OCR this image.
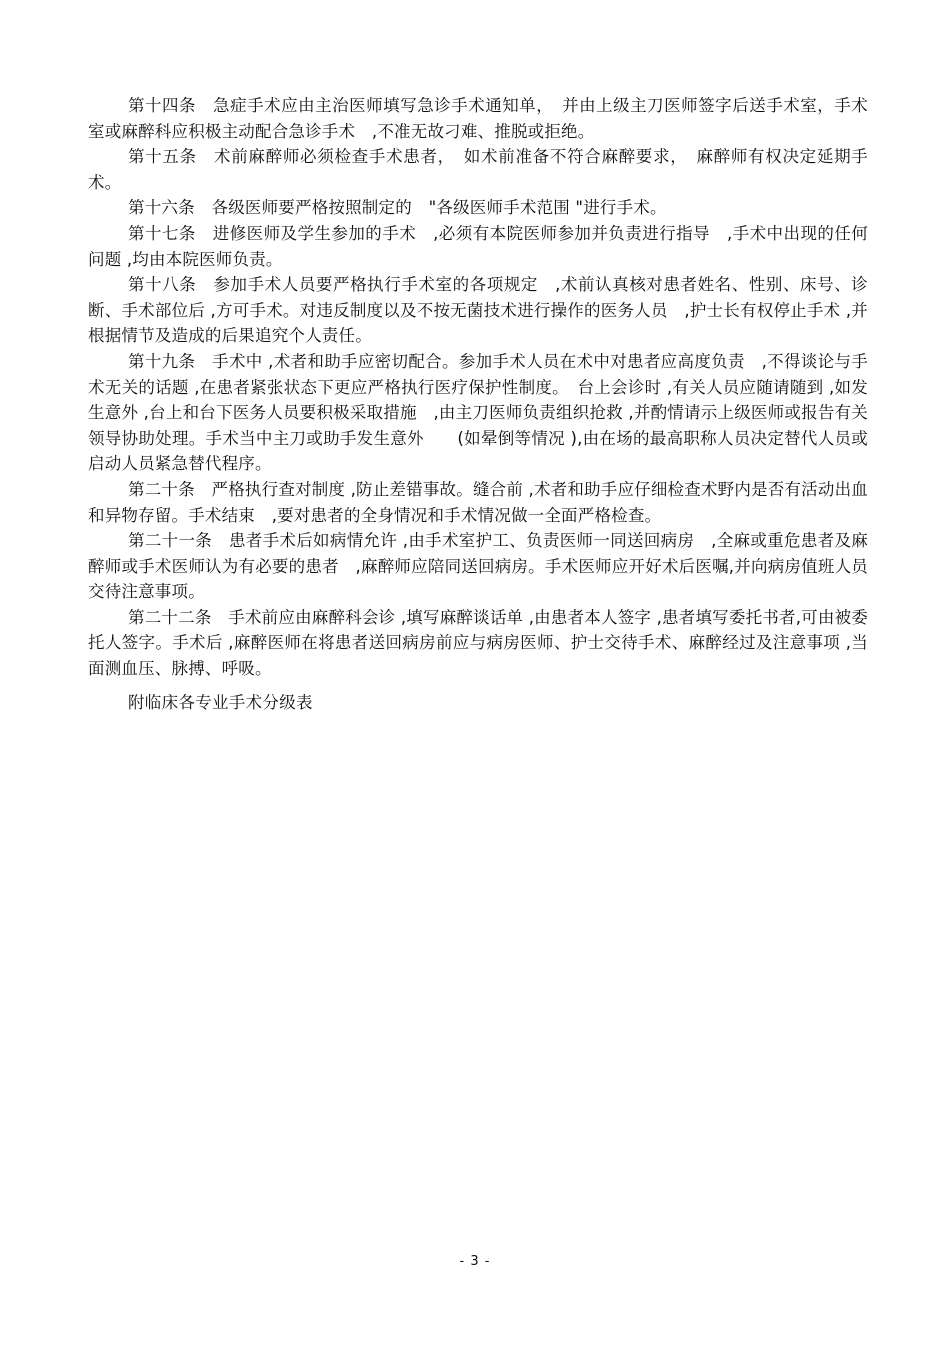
第十四条　急症手术应由主治医师填写急诊手术通知单，　并由上级主刀医师签字后送手术室，手术室或麻醉科应积极主动配合急诊手术　,不准无故刁难、推脱或拒绝。

第十五条　术前麻醉师必须检查手术患者，　如术前准备不符合麻醉要求，　麻醉师有权决定延期手术。

第十六条　各级医师要严格按照制定的　"各级医师手术范围 "进行手术。

第十七条　进修医师及学生参加的手术　,必须有本院医师参加并负责进行指导　,手术中出现的任何问题 ,均由本院医师负责。

第十八条　参加手术人员要严格执行手术室的各项规定　,术前认真核对患者姓名、性别、床号、诊断、手术部位后 ,方可手术。对违反制度以及不按无菌技术进行操作的医务人员　,护士长有权停止手术 ,并根据情节及造成的后果追究个人责任。

第十九条　手术中 ,术者和助手应密切配合。参加手术人员在术中对患者应高度负责　,不得谈论与手术无关的话题 ,在患者紧张状态下更应严格执行医疗保护性制度。　台上会诊时 ,有关人员应随请随到 ,如发生意外 ,台上和台下医务人员要积极采取措施　,由主刀医师负责组织抢救 ,并酌情请示上级医师或报告有关领导协助处理。手术当中主刀或助手发生意外　　(如晕倒等情况 ),由在场的最高职称人员决定替代人员或启动人员紧急替代程序。

第二十条　严格执行查对制度 ,防止差错事故。缝合前 ,术者和助手应仔细检查术野内是否有活动出血和异物存留。手术结束　,要对患者的全身情况和手术情况做一全面严格检查。

第二十一条　患者手术后如病情允许 ,由手术室护工、负责医师一同送回病房　,全麻或重危患者及麻醉师或手术医师认为有必要的患者　,麻醉师应陪同送回病房。手术医师应开好术后医嘱,并向病房值班人员交待注意事项。

第二十二条　手术前应由麻醉科会诊 ,填写麻醉谈话单 ,由患者本人签字 ,患者填写委托书者,可由被委托人签字。手术后 ,麻醉医师在将患者送回病房前应与病房医师、护士交待手术、麻醉经过及注意事项 ,当面测血压、脉搏、呼吸。

附临床各专业手术分级表
- 3 -
